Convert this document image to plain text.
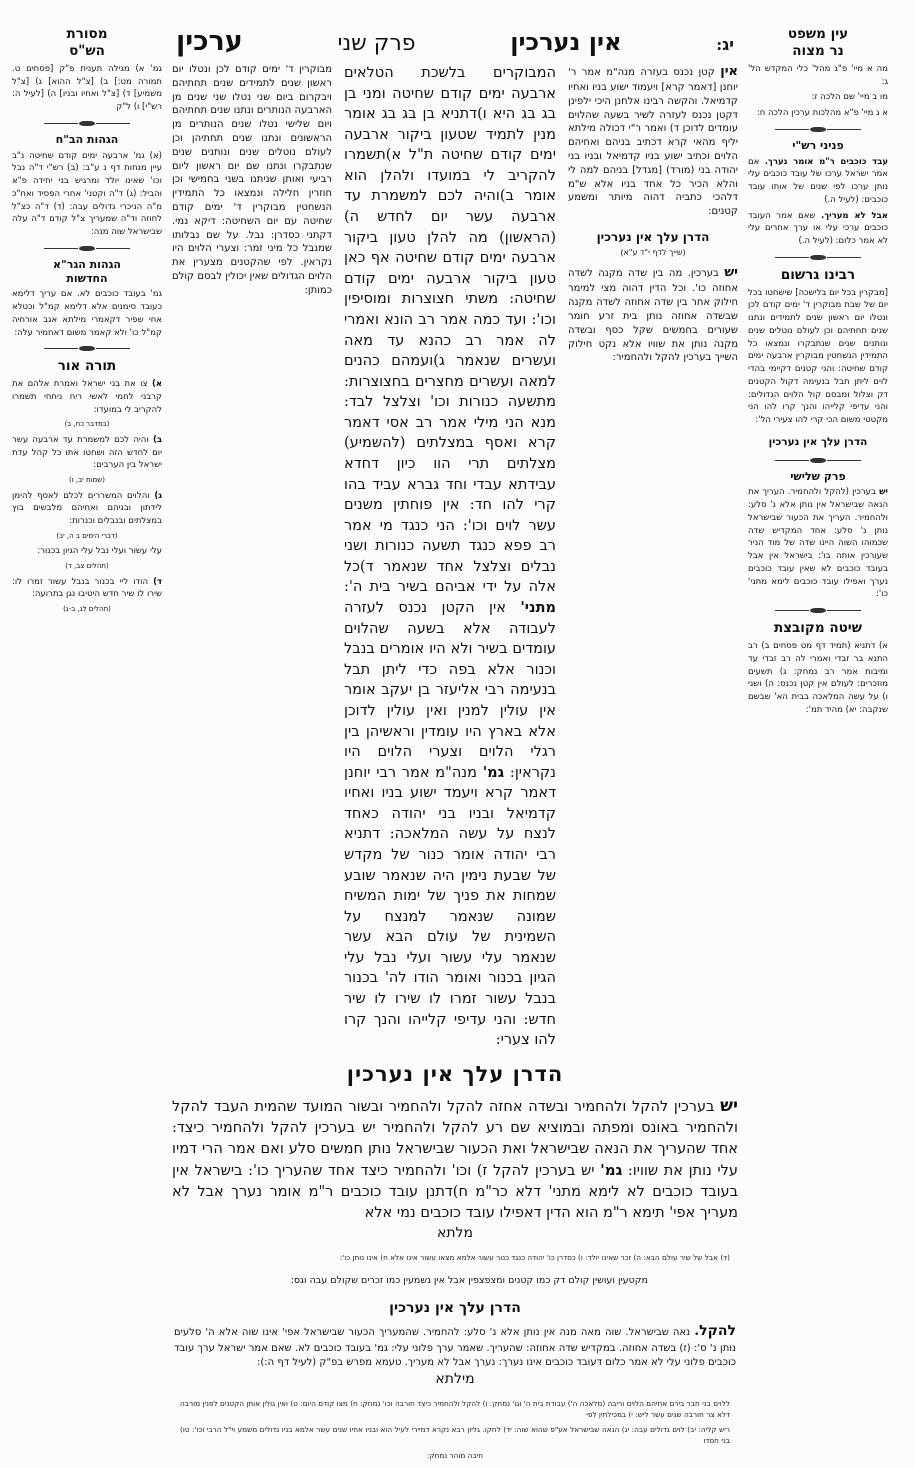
עין משפט
נר מצוה

מה א מיי' פ"ג מהל' כלי המקדש הל' ג:

מו ב מיי' שם הלכה ז:

א ג מיי' פ"א מהלכות ערכין הלכה ח:

פניני רש"י

עבד כוכבים ר"מ אומר נערך. אם אמר ישראל ערכו של עובד כוכבים עלי נותן ערכו לפי שנים של אותו עובד כוכבים: (לעיל ה.)

אבל לא מעריך. שאם אמר העובד כוכבים ערכי עלי או ערך אחרים עלי לא אמר כלום: (לעיל ה.)

רבינו גרשום

[מבקרין בכל יום בלישכה] שישחטו בכל יום של שבת מבוקרין ד' ימים קודם לכן ונטלו יום ראשון שנים לתמידים ונתנו שנים תחתיהם וכן לעולם נוטלים שנים ונותנים שנים שנתבקרו ונמצאו כל התמידין הנשחטין מבוקרין ארבעה ימים קודם שחיטה: והני קטנים דקיימי בהדי לוים ליתן תבל בנעימה דקול הקטנים דק וצלול ומבסם קול הלוים הגדולים: והני עדיפי קלייהו והנך קרו להו הני מקטטי משום הכי קרי להו צעירי הל':

הדרן עלך אין נערכין
פרק שלישי

יש בערכין (להקל ולהחמיר. העריך את הנאה שבישראל אין נותן אלא נ' סלע: ולהחמיר. העריך את הכעור שבישראל נותן נ' סלע: אחד המקדיש שדה שכמוהו השוה היינו שדה של מוד הניר שעורכין אותה בו': בישראל אין אבל בעובד כוכבים לא שאין עובד כוכבים נערך ואפילו עובד כוכבים לימא מתני' כו':

שיטה מקובצת

א) דתניא (תמיד דף מט פסחים ב) רב התנא בר זבדי ואמרי לה רב זבדי עד ומיבות אמר רב נמחק: ג) תשעים מוזכרים: לעולם אין קטן נכנס: ה) ושני ו) על עשה המלאכה בבית הא' שבשם שנקבה: יא) מהיד תמ':

יג:
אין נערכין
פרק שני
ערכין

אין קטן נכנס בעזרה מנה"מ אמר ר' יוחנן [דאמר קרא] ויעמוד ישוע בניו ואחיו קדמיאל. והקשה רבינו אלחנן היכי ילפינן דקטן נכנס לעזרה לשיר בשעה שהלוים עומדים לדוכן ד) ואמר ר"י דכולה מילתא יליף מהאי קרא דכתיב בניהם ואחיהם הלוים וכתיב ישוע בניו קדמיאל ובניו בני יהודה בני (מורד) [מגדל] בניהם למה לי והלא הכיר כל אחד בניו אלא ש"מ דלהכי כתביה דהוה מיותר ומשמע קטנים:

הדרן עלך אין נערכין
(שייך לדף י"ד ע"א)

יש בערכין. מה בין שדה מקנה לשדה אחוזה כו'. וכל הדין דהוה מצי למימר חילוק אחר בין שדה אחוזה לשדה מקנה שבשדה אחוזה נותן בית זרע חומר שעורים בחמשים שקל כסף ובשדה מקנה נותן את שוויו אלא נקט חילוק השייך בערכין להקל ולהחמיר:

המבוקרים בלשכת הטלאים ארבעה ימים קודם שחיטה ומני בן בג בג היא ו)דתניא בן בג בג אומר מנין לתמיד שטעון ביקור ארבעה ימים קודם שחיטה ת"ל א)תשמרו להקריב לי במועדו ולהלן הוא אומר ב)והיה לכם למשמרת עד ארבעה עשר יום לחדש ה)(הראשון) מה להלן טעון ביקור ארבעה ימים קודם שחיטה אף כאן טעון ביקור ארבעה ימים קודם שחיטה: משתי חצוצרות ומוסיפין וכו': ועד כמה אמר רב הונא ואמרי לה אמר רב כהנא עד מאה ועשרים שנאמר ג)ועמהם כהנים למאה ועשרים מחצרים בחצוצרות: מתשעה כנורות וכו' וצלצל לבד: מנא הני מילי אמר רב אסי דאמר קרא ואסף במצלתים (להשמיע) מצלתים תרי הוו כיון דחדא עבידתא עבדי וחד גברא עביד בהו קרי להו חד: אין פוחתין משנים עשר לוים וכו': הני כנגד מי אמר רב פפא כנגד תשעה כנורות ושני נבלים וצלצל אחד שנאמר ד)כל אלה על ידי אביהם בשיר בית ה': מתני' אין הקטן נכנס לעזרה לעבודה אלא בשעה שהלוים עומדים בשיר ולא היו אומרים בנבל וכנור אלא בפה כדי ליתן תבל בנעימה רבי אליעזר בן יעקב אומר אין עולין למנין ואין עולין לדוכן אלא בארץ היו עומדין וראשיהן בין רגלי הלוים וצערי הלוים היו נקראין: גמ' מנה"מ אמר רבי יוחנן דאמר קרא ויעמד ישוע בניו ואחיו קדמיאל ובניו בני יהודה כאחד לנצח על עשה המלאכה: דתניא רבי יהודה אומר כנור של מקדש של שבעת נימין היה שנאמר שובע שמחות את פניך של ימות המשיח שמונה שנאמר למנצח על השמינית של עולם הבא עשר שנאמר עלי עשור ועלי נבל עלי הגיון בכנור ואומר הודו לה' בכנור בנבל עשור זמרו לו שירו לו שיר חדש: והני עדיפי קלייהו והנך קרו להו צערי:

מבוקרין ד' ימים קודם לכן ונטלו יום ראשון שנים לתמידים שנים תחתיהם ויבקרום ביום שני נטלו שני שנים מן הארבעה הנותרים ונתנו שנים תחתיהם ויום שלישי נטלו שנים הנותרים מן הראשונים ונתנו שנים תחתיהן וכן לעולם נוטלים שנים ונותנים שנים שנתבקרו ונתנו שם יום ראשון ליום רביעי ואותן שניתנו בשני בחמישי וכן חוזרין חלילה ונמצאו כל התמידין הנשחטין מבוקרין ד' ימים קודם שחיטה עם יום השחיטה: דיקא נמי. דקתני כסדרן: נבל. על שם נבלותו שמנבל כל מיני זמר: וצערי הלוים היו נקראין. לפי שהקטנים מצערין את הלוים הגדולים שאין יכולין לבסם קולם כמותן:

הדרן עלך אין נערכין
יש בערכין להקל ולהחמיר ובשדה אחזה להקל ולהחמיר ובשור המועד שהמית העבד להקל ולהחמיר באונס ומפתה ובמוציא שם רע להקל ולהחמיר יש בערכין להקל ולהחמיר כיצד: אחד שהעריך את הנאה שבישראל ואת הכעור שבישראל נותן חמשים סלע ואם אמר הרי דמיו עלי נותן את שוויו: גמ' יש בערכין להקל ז) וכו' ולהחמיר כיצד אחד שהעריך כו': בישראל אין בעובד כוכבים לא לימא מתני' דלא כר"מ ח)דתנן עובד כוכבים ר"מ אומר נערך אבל לא מעריך אפי' תימא ר"מ הוא הדין דאפילו עובד כוכבים נמי אלא
מלתא
(ד) אבל של שיר עולם הבא: ה) זכר שאינו יולד: ו) כסדרן כו' יהודה כנגד כנור עשור אלמא מצאו עשור אינו אלא ח) אינו נותן כו':
מקטעין ועושין קולם דק כמו קטנים ומצפצפין אבל אין נשמעין כמו זכרים שקולם עבה וגס:
הדרן עלך אין נערכין
להקל. נאה שבישראל. שוה מאה מנה אין נותן אלא נ' סלע: להחמיר. שהמעריך הכעור שבישראל אפי' אינו שוה אלא ה' סלעים נותן נ' ס': (ז) בשדה אחוזה. במקדיש שדה אחוזה: שהעריך. שאמר ערך פלוני עלי: גמ' בעובד כוכבים לא. שאם אמר ישראל ערך עובד כוכבים פלוני עלי לא אמר כלום דעובד כוכבים אינו נערך: נערך אבל לא מעריך. טעמא מפרש בפ"ק (לעיל דף ה:):
מילתא
ללוים בני חבר בירם אחיהם הלוים וריבה (מלאכה ה') עבודת בית ה' וגו' נמחק: ו) להקל ולהחמיר כיצד חורבה וכו' נמחק: ח) מצו קודם היום: ט) ואין גולין אותן הקטנים לפנין מורבה דלא צר חורבה שנים עשר ליש: י) במכילתין לפי
ריש קליה: יב) לוים גדולים עבה: יג) הנאה שבישראל אע"פ שהוא שוה: יד) לחקו. גליון רבא נקרא דמיירי לעיל הוא ובניו אחיו שנים עשר אלמא בניו גדולים משמע וי"ל הרבי וכו': טו) בני חסדו
חיבה מוהר נמחק:
מסורת
הש"ס

גמ' א) מגילה תענית פ"ק [פסחים ט. תמורה מט:] ב) [צ"ל ההוא] ג) [צ"ל משמיע] ד) [צ"ל ואחיו ובניו] ה) [לעיל ה: רש"י] ו) ל"ק

הגהות הב"ח

(א) גמ' ארבעה ימים קודם שחיטה נ"ב עיין מנחות דף נ ע"ב: (ב) רש"י ד"ה נבל וכו' שאינו יולד ומרגיש בני יחידה פ"א והביל: (ג) ד"ה וקטני' אחרי הפסיד ואח"כ מ"ה הניכרי גדולים עבה: (ד) ד"ה כצ"ל לחוזה וד"ה שמעריך צ"ל קודם ד"ה עלה שבישראל שוה מנה:

הגהות הגר"א
החדשות

גמ' בעובד כוכבים לא. אם עריך דלימא כעובד סימנים אלא דלימא קמ"ל וכטלא אחי שפיר דקאמרי מילתא אגב אורחיה קמ"ל כו' ולא קאמר משום דאחמיר עלה:

תורה אור

א) צו את בני ישראל ואמרת אלהם את קרבני לחמי לאשי ריח ניחחי תשמרו להקריב לי במועדו:

(במדבר כח, ב)

ב) והיה לכם למשמרת עד ארבעה עשר יום לחדש הזה ושחטו אתו כל קהל עדת ישראל בין הערבים:

(שמות יב, ו)

ג) והלוים המשררים לכלם לאסף להימן לידתון ובניהם ואחיהם מלבשים בוץ במצלתים ובנבלים וכנרות:

(דברי הימים ב ה, יב)

עלי עשור ועלי נבל עלי הגיון בכנור:

(תהלים צב, ד)

ד) הודו ליי בכנור בנבל עשור זמרו לו: שירו לו שיר חדש היטיבו נגן בתרועה:

(תהלים לג, ב-ג)
